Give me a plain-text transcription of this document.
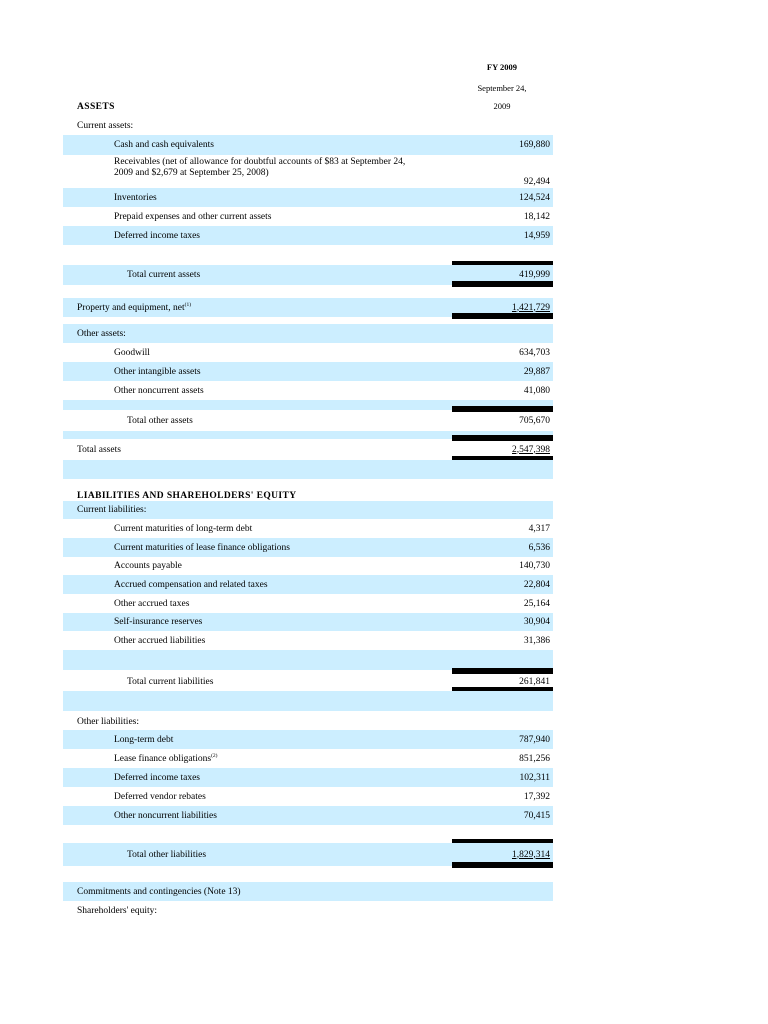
FY 2009
September 24,
2009
ASSETS
Current assets:
Cash and cash equivalents	169,880
Receivables (net of allowance for doubtful accounts of $83 at September 24, 2009 and $2,679 at September 25, 2008)
92,494
Inventories	124,524
Prepaid expenses and other current assets	18,142
Deferred income taxes	14,959
Total current assets	419,999
Property and equipment, net$^{(1)}$	1,421,729
Other assets:
Goodwill	634,703
Other intangible assets	29,887
Other noncurrent assets	41,080
Total other assets	705,670
Total assets	2,547,398
LIABILITIES AND SHAREHOLDERS' EQUITY
Current liabilities:
Current maturities of long-term debt	4,317
Current maturities of lease finance obligations	6,536
Accounts payable	140,730
Accrued compensation and related taxes	22,804
Other accrued taxes	25,164
Self-insurance reserves	30,904
Other accrued liabilities	31,386
Total current liabilities	261,841
Other liabilities:
Long-term debt	787,940
Lease finance obligations$^{(2)}$	851,256
Deferred income taxes	102,311
Deferred vendor rebates	17,392
Other noncurrent liabilities	70,415
Total other liabilities	1,829,314
Commitments and contingencies (Note 13)
Shareholders' equity:
